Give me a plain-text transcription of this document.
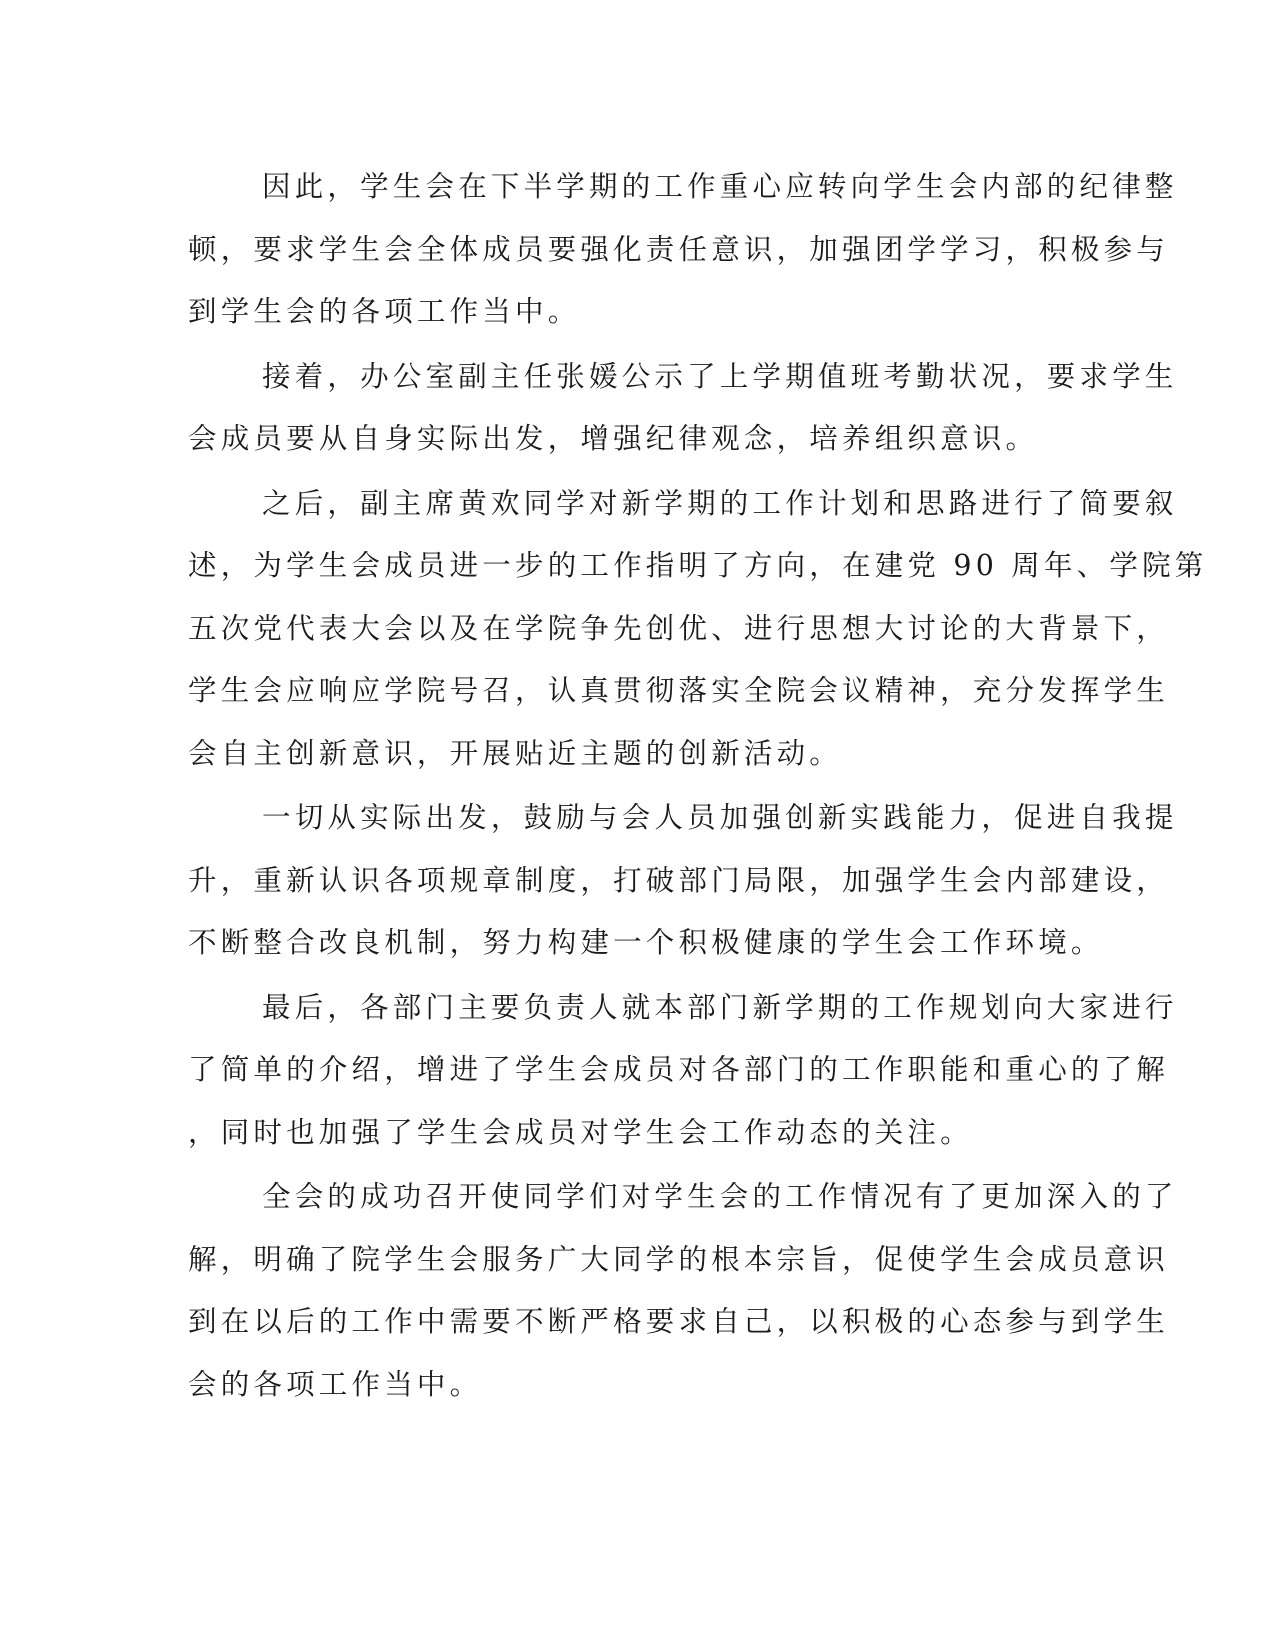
因此，学生会在下半学期的工作重心应转向学生会内部的纪律整
顿，要求学生会全体成员要强化责任意识，加强团学学习，积极参与
到学生会的各项工作当中。

接着，办公室副主任张媛公示了上学期值班考勤状况，要求学生
会成员要从自身实际出发，增强纪律观念，培养组织意识。

之后，副主席黄欢同学对新学期的工作计划和思路进行了简要叙
述，为学生会成员进一步的工作指明了方向，在建党 90 周年、学院第
五次党代表大会以及在学院争先创优、进行思想大讨论的大背景下，
学生会应响应学院号召，认真贯彻落实全院会议精神，充分发挥学生
会自主创新意识，开展贴近主题的创新活动。

一切从实际出发，鼓励与会人员加强创新实践能力，促进自我提
升，重新认识各项规章制度，打破部门局限，加强学生会内部建设，
不断整合改良机制，努力构建一个积极健康的学生会工作环境。

最后，各部门主要负责人就本部门新学期的工作规划向大家进行
了简单的介绍，增进了学生会成员对各部门的工作职能和重心的了解
，同时也加强了学生会成员对学生会工作动态的关注。

全会的成功召开使同学们对学生会的工作情况有了更加深入的了
解，明确了院学生会服务广大同学的根本宗旨，促使学生会成员意识
到在以后的工作中需要不断严格要求自己，以积极的心态参与到学生
会的各项工作当中。
